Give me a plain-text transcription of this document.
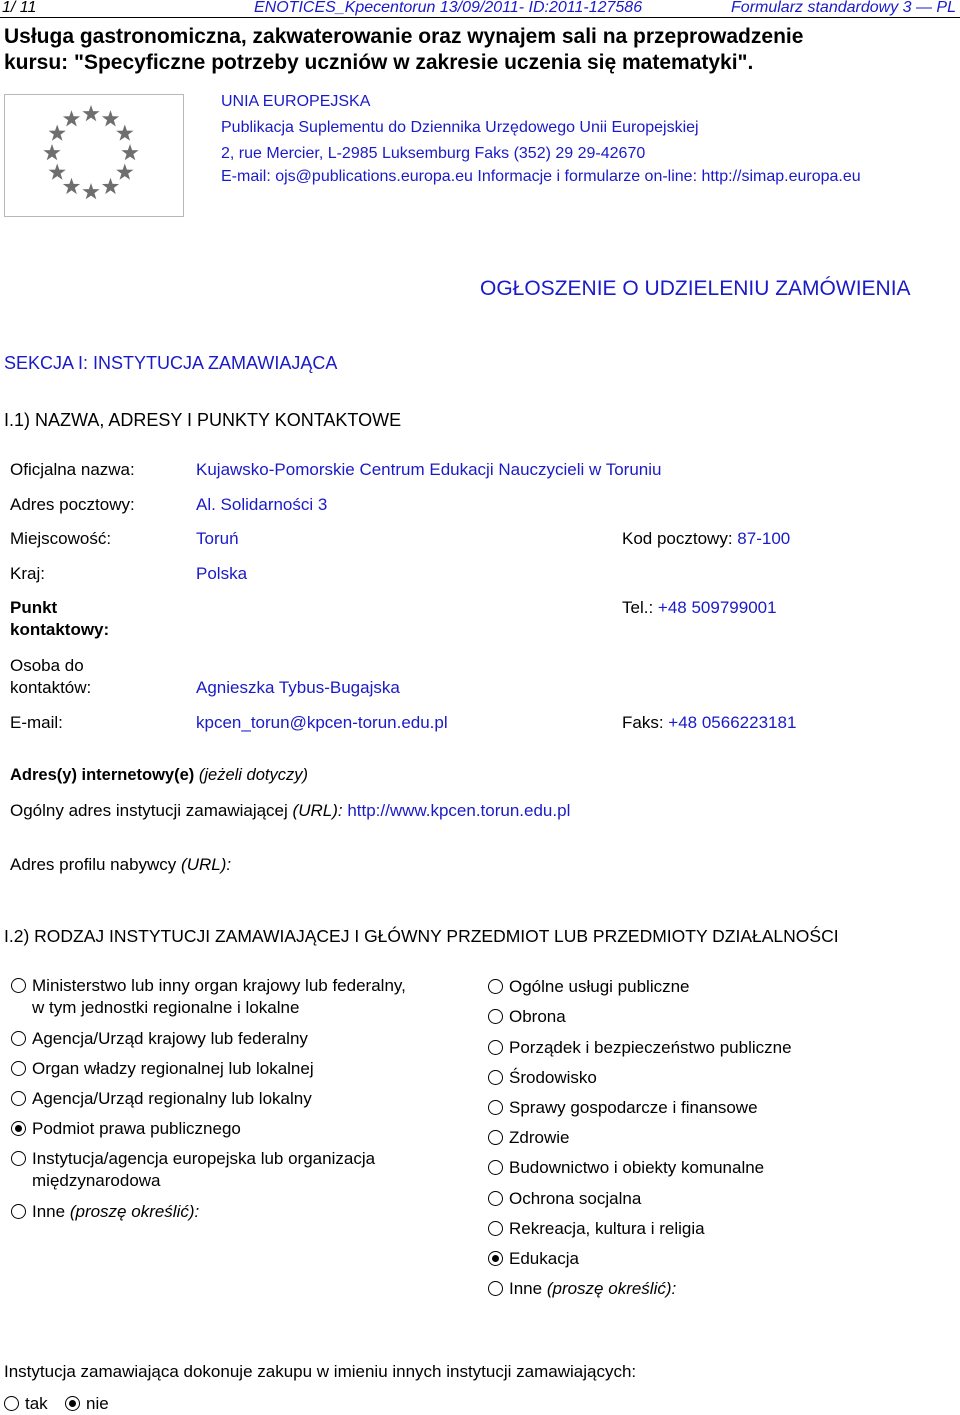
1/ 11	ENOTICES_Kpecentorun 13/09/2011- ID:2011-127586	Formularz standardowy 3 — PL
Usługa gastronomiczna, zakwaterowanie oraz wynajem sali na przeprowadzenie
kursu: "Specyficzne potrzeby uczniów w zakresie uczenia się matematyki".
UNIA EUROPEJSKA
Publikacja Suplementu do Dziennika Urzędowego Unii Europejskiej
2, rue Mercier, L-2985 Luksemburg Faks (352) 29 29-42670
E-mail: ojs@publications.europa.eu Informacje i formularze on-line: http://simap.europa.eu
OGŁOSZENIE O UDZIELENIU ZAMÓWIENIA
SEKCJA I: INSTYTUCJA ZAMAWIAJĄCA
I.1) NAZWA, ADRESY I PUNKTY KONTAKTOWE
Oficjalna nazwa:	Kujawsko-Pomorskie Centrum Edukacji Nauczycieli w Toruniu
Adres pocztowy:	Al. Solidarności 3
Miejscowość:	Toruń	Kod pocztowy: 87-100
Kraj:	Polska
Punkt
kontaktowy:
Tel.: +48 509799001
Osoba do
kontaktów:	Agnieszka Tybus-Bugajska
E-mail:	kpcen_torun@kpcen-torun.edu.pl	Faks: +48 0566223181
Adres(y) internetowy(e) (jeżeli dotyczy)
Ogólny adres instytucji zamawiającej (URL): http://www.kpcen.torun.edu.pl
Adres profilu nabywcy (URL):
I.2) RODZAJ INSTYTUCJI ZAMAWIAJĄCEJ I GŁÓWNY PRZEDMIOT LUB PRZEDMIOTY DZIAŁALNOŚCI
Ministerstwo lub inny organ krajowy lub federalny,
w tym jednostki regionalne i lokalne
Agencja/Urząd krajowy lub federalny
Organ władzy regionalnej lub lokalnej
Agencja/Urząd regionalny lub lokalny
Podmiot prawa publicznego
Instytucja/agencja europejska lub organizacja
międzynarodowa
Inne (proszę określić):
Ogólne usługi publiczne
Obrona
Porządek i bezpieczeństwo publiczne
Środowisko
Sprawy gospodarcze i finansowe
Zdrowie
Budownictwo i obiekty komunalne
Ochrona socjalna
Rekreacja, kultura i religia
Edukacja
Inne (proszę określić):
Instytucja zamawiająca dokonuje zakupu w imieniu innych instytucji zamawiających:
tak nie
